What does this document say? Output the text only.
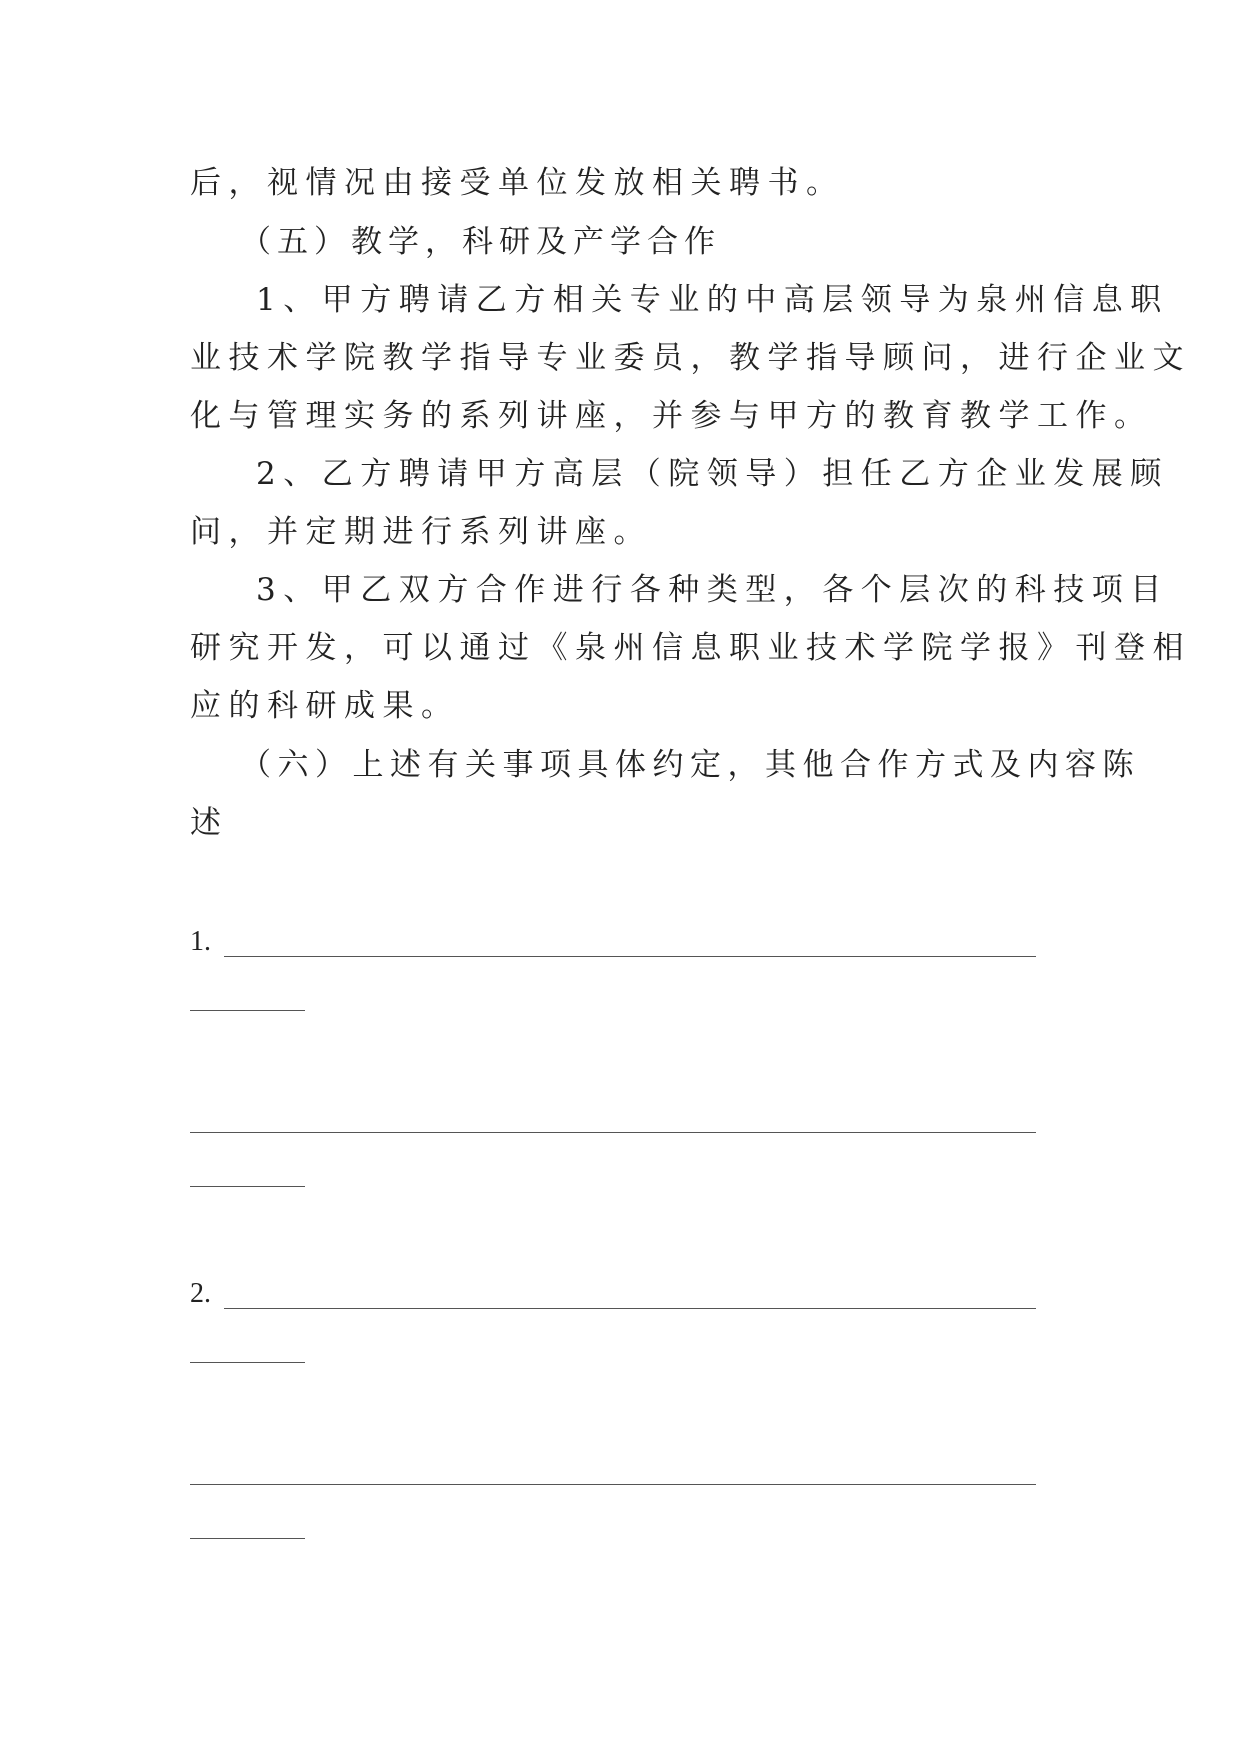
后，视情况由接受单位发放相关聘书。
（五）教学，科研及产学合作
1、甲方聘请乙方相关专业的中高层领导为泉州信息职
业技术学院教学指导专业委员，教学指导顾问，进行企业文
化与管理实务的系列讲座，并参与甲方的教育教学工作。
2、乙方聘请甲方高层（院领导）担任乙方企业发展顾
问，并定期进行系列讲座。
3、甲乙双方合作进行各种类型，各个层次的科技项目
研究开发，可以通过《泉州信息职业技术学院学报》刊登相
应的科研成果。
（六）上述有关事项具体约定，其他合作方式及内容陈
述
1.
2.
